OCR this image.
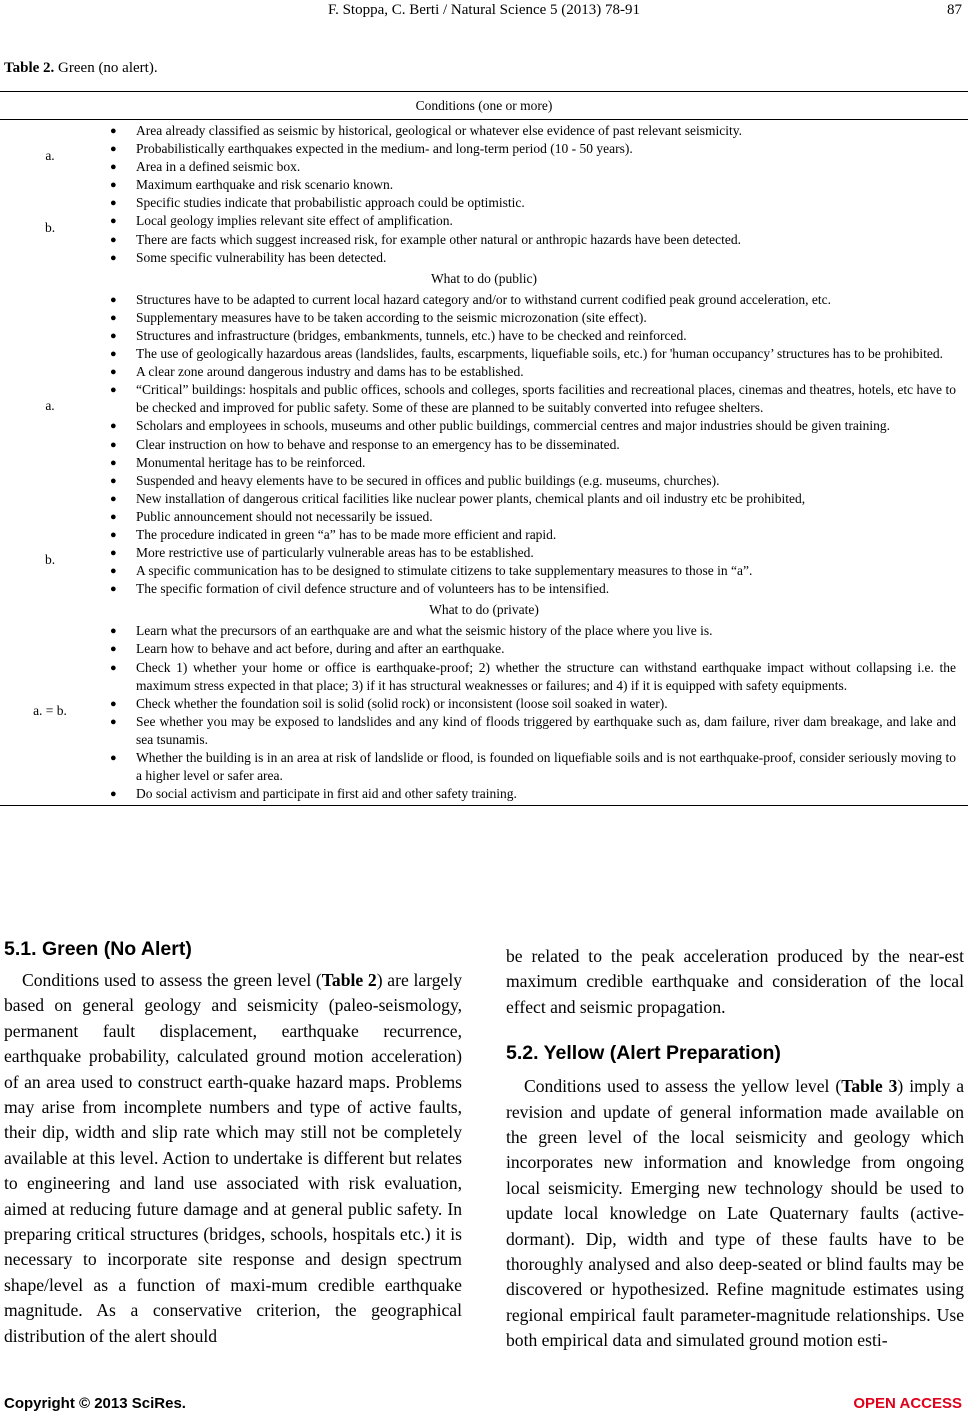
F. Stoppa, C. Berti / Natural Science 5 (2013) 78-91	87
Table 2. Green (no alert).
Conditions (one or more)
a.
● Area already classified as seismic by historical, geological or whatever else evidence of past relevant seismicity.
● Probabilistically earthquakes expected in the medium- and long-term period (10 - 50 years).
● Area in a defined seismic box.
● Maximum earthquake and risk scenario known.
b.
● Specific studies indicate that probabilistic approach could be optimistic.
● Local geology implies relevant site effect of amplification.
● There are facts which suggest increased risk, for example other natural or anthropic hazards have been detected.
● Some specific vulnerability has been detected.
What to do (public)
a.
● Structures have to be adapted to current local hazard category and/or to withstand current codified peak ground acceleration, etc.
● Supplementary measures have to be taken according to the seismic microzonation (site effect).
● Structures and infrastructure (bridges, embankments, tunnels, etc.) have to be checked and reinforced.
● The use of geologically hazardous areas (landslides, faults, escarpments, liquefiable soils, etc.) for 'human occupancy’ structures has to be prohibited.
● A clear zone around dangerous industry and dams has to be established.
● “Critical” buildings: hospitals and public offices, schools and colleges, sports facilities and recreational places, cinemas and theatres, hotels, etc have to be checked and improved for public safety. Some of these are planned to be suitably converted into refugee shelters.
● Scholars and employees in schools, museums and other public buildings, commercial centres and major industries should be given training.
● Clear instruction on how to behave and response to an emergency has to be disseminated.
● Monumental heritage has to be reinforced.
● Suspended and heavy elements have to be secured in offices and public buildings (e.g. museums, churches).
● New installation of dangerous critical facilities like nuclear power plants, chemical plants and oil industry etc be prohibited,
● Public announcement should not necessarily be issued.
b.
● The procedure indicated in green “a” has to be made more efficient and rapid.
● More restrictive use of particularly vulnerable areas has to be established.
● A specific communication has to be designed to stimulate citizens to take supplementary measures to those in “a”.
● The specific formation of civil defence structure and of volunteers has to be intensified.
What to do (private)
a. = b.
● Learn what the precursors of an earthquake are and what the seismic history of the place where you live is.
● Learn how to behave and act before, during and after an earthquake.
● Check 1) whether your home or office is earthquake-proof; 2) whether the structure can withstand earthquake impact without collapsing i.e. the maximum stress expected in that place; 3) if it has structural weaknesses or failures; and 4) if it is equipped with safety equipments.
● Check whether the foundation soil is solid (solid rock) or inconsistent (loose soil soaked in water).
● See whether you may be exposed to landslides and any kind of floods triggered by earthquake such as, dam failure, river dam breakage, and lake and sea tsunamis.
● Whether the building is in an area at risk of landslide or flood, is founded on liquefiable soils and is not earthquake-proof, consider seriously moving to a higher level or safer area.
● Do social activism and participate in first aid and other safety training.
5.1. Green (No Alert)

Conditions used to assess the green level (Table 2) are largely based on general geology and seismicity (paleo-seismology, permanent fault displacement, earthquake recurrence, earthquake probability, calculated ground motion acceleration) of an area used to construct earth-quake hazard maps. Problems may arise from incomplete numbers and type of active faults, their dip, width and slip rate which may still not be completely available at this level. Action to undertake is different but relates to engineering and land use associated with risk evaluation, aimed at reducing future damage and at general public safety. In preparing critical structures (bridges, schools, hospitals etc.) it is necessary to incorporate site response and design spectrum shape/level as a function of maxi-mum credible earthquake magnitude. As a conservative criterion, the geographical distribution of the alert should

be related to the peak acceleration produced by the near-est maximum credible earthquake and consideration of the local effect and seismic propagation.

5.2. Yellow (Alert Preparation)

Conditions used to assess the yellow level (Table 3) imply a revision and update of general information made available on the green level of the local seismicity and geology which incorporates new information and knowledge from ongoing local seismicity. Emerging new technology should be used to update local knowledge on Late Quaternary faults (active-dormant). Dip, width and type of these faults have to be thoroughly analysed and also deep-seated or blind faults may be discovered or hypothesized. Refine magnitude estimates using regional empirical fault parameter-magnitude relationships. Use both empirical data and simulated ground motion esti-

Copyright © 2013 SciRes.	OPEN ACCESS
